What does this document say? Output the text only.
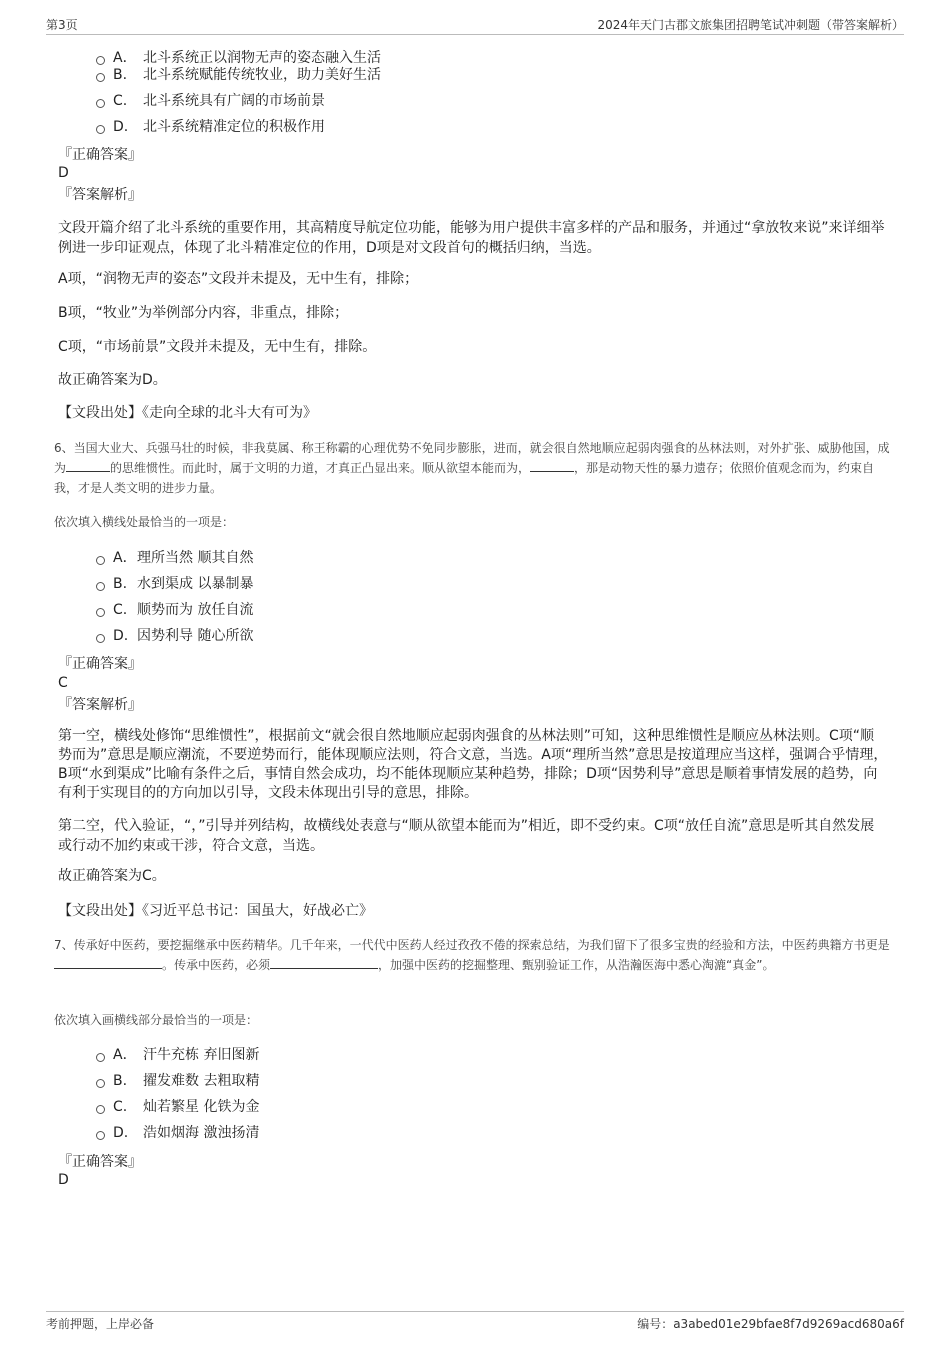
第3页	2024年天门古郡文旅集团招聘笔试冲刺题（带答案解析）
A． 北斗系统正以润物无声的姿态融入生活
B. 北斗系统赋能传统牧业，助力美好生活
C. 北斗系统具有广阔的市场前景
D. 北斗系统精准定位的积极作用
『正确答案』
D
『答案解析』
文段开篇介绍了北斗系统的重要作用，其高精度导航定位功能，能够为用户提供丰富多样的产品和服务，并通过“拿放牧来说”来详细举例进一步印证观点，体现了北斗精准定位的作用，D项是对文段首句的概括归纳，当选。
A项，“润物无声的姿态”文段并未提及，无中生有，排除；
B项，“牧业”为举例部分内容，非重点，排除；
C项，“市场前景”文段并未提及，无中生有，排除。
故正确答案为D。
【文段出处】《走向全球的北斗大有可为》
6、当国大业大、兵强马壮的时候，非我莫属、称王称霸的心理优势不免同步膨胀，进而，就会很自然地顺应起弱肉强食的丛林法则，对外扩张、威胁他国，成为	的思维惯性。而此时，属于文明的力道，才真正凸显出来。顺从欲望本能而为，	，那是动物天性的暴力遗存；依照价值观念而为，约束自我，才是人类文明的进步力量。
依次填入横线处最恰当的一项是：
A．理所当然 顺其自然
B. 水到渠成 以暴制暴
C. 顺势而为 放任自流
D. 因势利导 随心所欲
『正确答案』
C
『答案解析』
第一空，横线处修饰“思维惯性”，根据前文“就会很自然地顺应起弱肉强食的丛林法则”可知，这种思维惯性是顺应丛林法则。C项“顺势而为”意思是顺应潮流，不要逆势而行，能体现顺应法则，符合文意，当选。A项“理所当然”意思是按道理应当这样，强调合乎情理，B项“水到渠成”比喻有条件之后，事情自然会成功，均不能体现顺应某种趋势，排除；D项“因势利导”意思是顺着事情发展的趋势，向有利于实现目的的方向加以引导，文段未体现出引导的意思，排除。
第二空，代入验证，“，”引导并列结构，故横线处表意与“顺从欲望本能而为”相近，即不受约束。C项“放任自流”意思是听其自然发展或行动不加约束或干涉，符合文意，当选。
故正确答案为C。
【文段出处】《习近平总书记：国虽大，好战必亡》
7、传承好中医药，要挖掘继承中医药精华。几千年来，一代代中医药人经过孜孜不倦的探索总结，为我们留下了很多宝贵的经验和方法，中医药典籍方书更是。传承中医药，必须	，加强中医药的挖掘整理、甄别验证工作，从浩瀚医海中悉心淘漉“真金”。
依次填入画横线部分最恰当的一项是：
A． 汗牛充栋 弃旧图新
B. 擢发难数 去粗取精
C. 灿若繁星 化铁为金
D. 浩如烟海 激浊扬清
『正确答案』
D
考前押题，上岸必备	编号：a3abed01e29bfae8f7d9269acd680a6f
